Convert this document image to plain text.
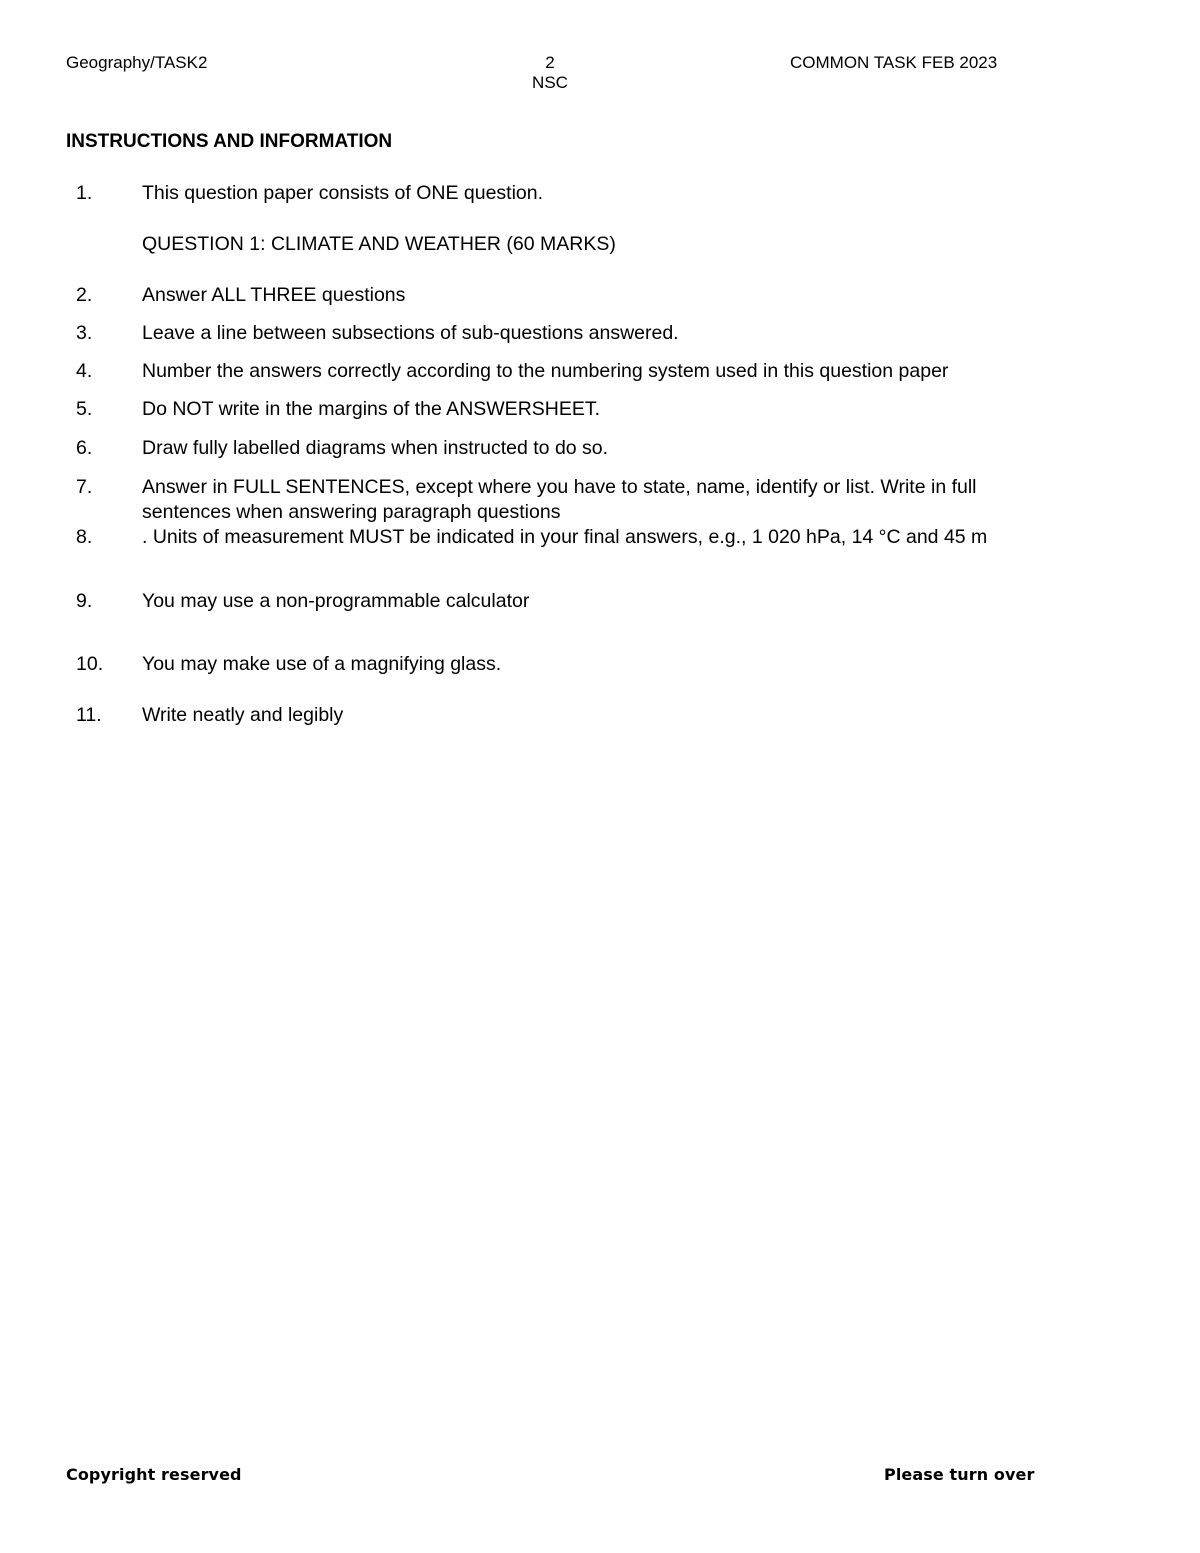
Geography/TASK2	2
NSC
COMMON TASK FEB 2023
INSTRUCTIONS AND INFORMATION
1.	This question paper consists of ONE question.
QUESTION 1: CLIMATE AND WEATHER (60 MARKS)
2.	Answer ALL THREE questions
3.	Leave a line between subsections of sub-questions answered.
4.	Number the answers correctly according to the numbering system used in this question paper
5.	Do NOT write in the margins of the ANSWERSHEET.
6.	Draw fully labelled diagrams when instructed to do so.
7.	Answer in FULL SENTENCES, except where you have to state, name, identify or list. Write in full sentences when answering paragraph questions
8.	. Units of measurement MUST be indicated in your final answers, e.g., 1 020 hPa, 14 °C and 45 m
9.	You may use a non-programmable calculator
10. You may make use of a magnifying glass.
11. Write neatly and legibly
Copyright reserved	Please turn over
